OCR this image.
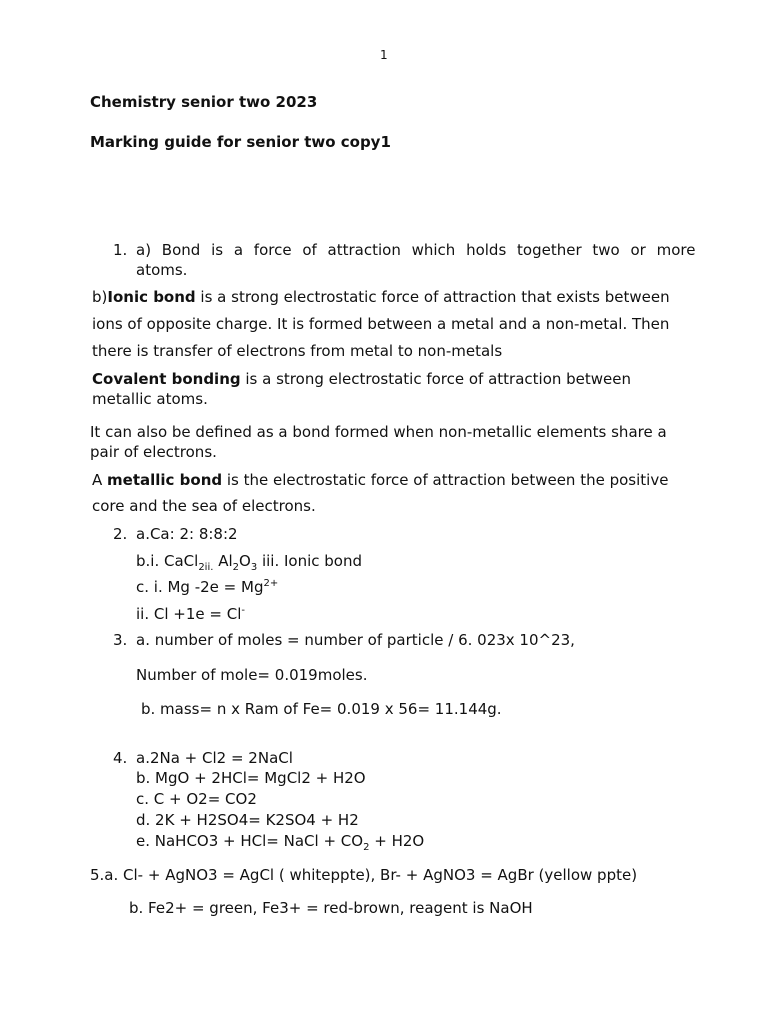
1
Chemistry senior two 2023
Marking guide for senior two copy1
1. a) Bond is a force of attraction which holds together two or more
atoms.
b)Ionic bond is a strong electrostatic force of attraction that exists between
ions of opposite charge. It is formed between a metal and a non-metal. Then
there is transfer of electrons from metal to non-metals
Covalent bonding is a strong electrostatic force of attraction between
metallic atoms.
It can also be defined as a bond formed when non-metallic elements share a
pair of electrons.
A metallic bond is the electrostatic force of attraction between the positive
core and the sea of electrons.
2. a.Ca: 2: 8:8:2
b.i. CaCl$_{2ii.}$ $Al_2O_3$ iii. Ionic bond
c. i. Mg $-2e = Mg^{2+}$
ii. Cl +1e = Cl-
3. a. number of moles = number of particle / 6. 023x 10^23,
Number of mole= 0.019moles.
b. mass= n x Ram of Fe= 0.019 x 56= 11.144g.
4. a.2Na + Cl2 = 2NaCl
b. MgO + 2HCl= MgCl2 + H2O
c. C + O2= CO2
d. 2K + H2SO4= K2SO4 + H2
e. NaHCO3 + HCl= NaCl + $CO_2 + H2O$
5.a. Cl- + AgNO3 = AgCl ( whiteppte), Br- + AgNO3 = AgBr (yellow ppte)
b. Fe2+ = green, Fe3+ = red-brown, reagent is NaOH
